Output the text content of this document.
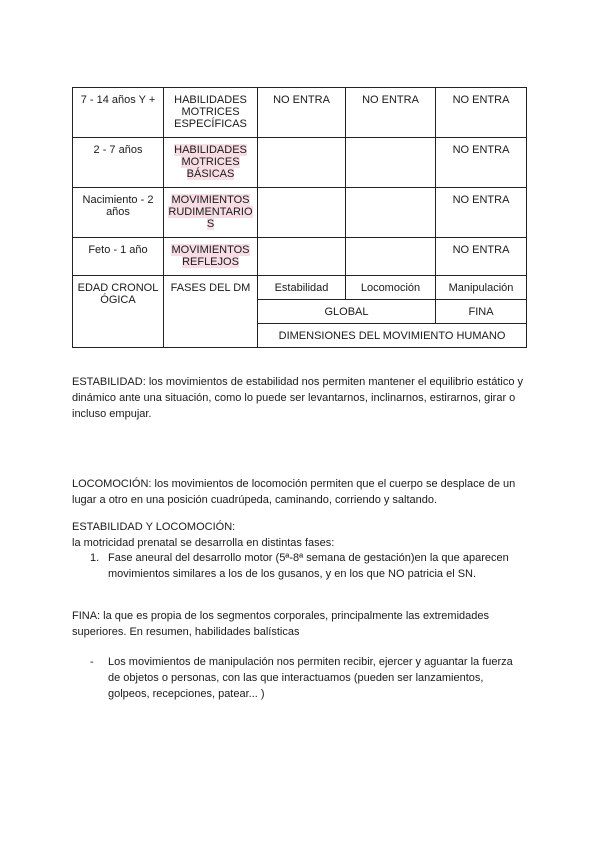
7 - 14 años Y +	HABILIDADES MOTRICES ESPECÍFICAS	NO ENTRA	NO ENTRA	NO ENTRA
2 - 7 años	HABILIDADES MOTRICES BÁSICAS			NO ENTRA
Nacimiento - 2 años	MOVIMIENTOS RUDIMENTARIOS			NO ENTRA
Feto - 1 año	MOVIMIENTOS REFLEJOS			NO ENTRA
EDAD CRONOLÓGICA	FASES DEL DM	Estabilidad	Locomoción	Manipulación
		GLOBAL		FINA
		DIMENSIONES DEL MOVIMIENTO HUMANO		

ESTABILIDAD: los movimientos de estabilidad nos permiten mantener el equilibrio estático y dinámico ante una situación, como lo puede ser levantarnos, inclinarnos, estirarnos, girar o incluso empujar.

LOCOMOCIÓN: los movimientos de locomoción permiten que el cuerpo se desplace de un lugar a otro en una posición cuadrúpeda, caminando, corriendo y saltando.

ESTABILIDAD Y LOCOMOCIÓN:

la motricidad prenatal se desarrolla en distintas fases:

1. Fase aneural del desarrollo motor (5ª-8ª semana de gestación)en la que aparecen movimientos similares a los de los gusanos, y en los que NO patricia el SN.

FINA: la que es propia de los segmentos corporales, principalmente las extremidades superiores. En resumen, habilidades balísticas

- Los movimientos de manipulación nos permiten recibir, ejercer y aguantar la fuerza de objetos o personas, con las que interactuamos (pueden ser lanzamientos, golpeos, recepciones, patear... )
